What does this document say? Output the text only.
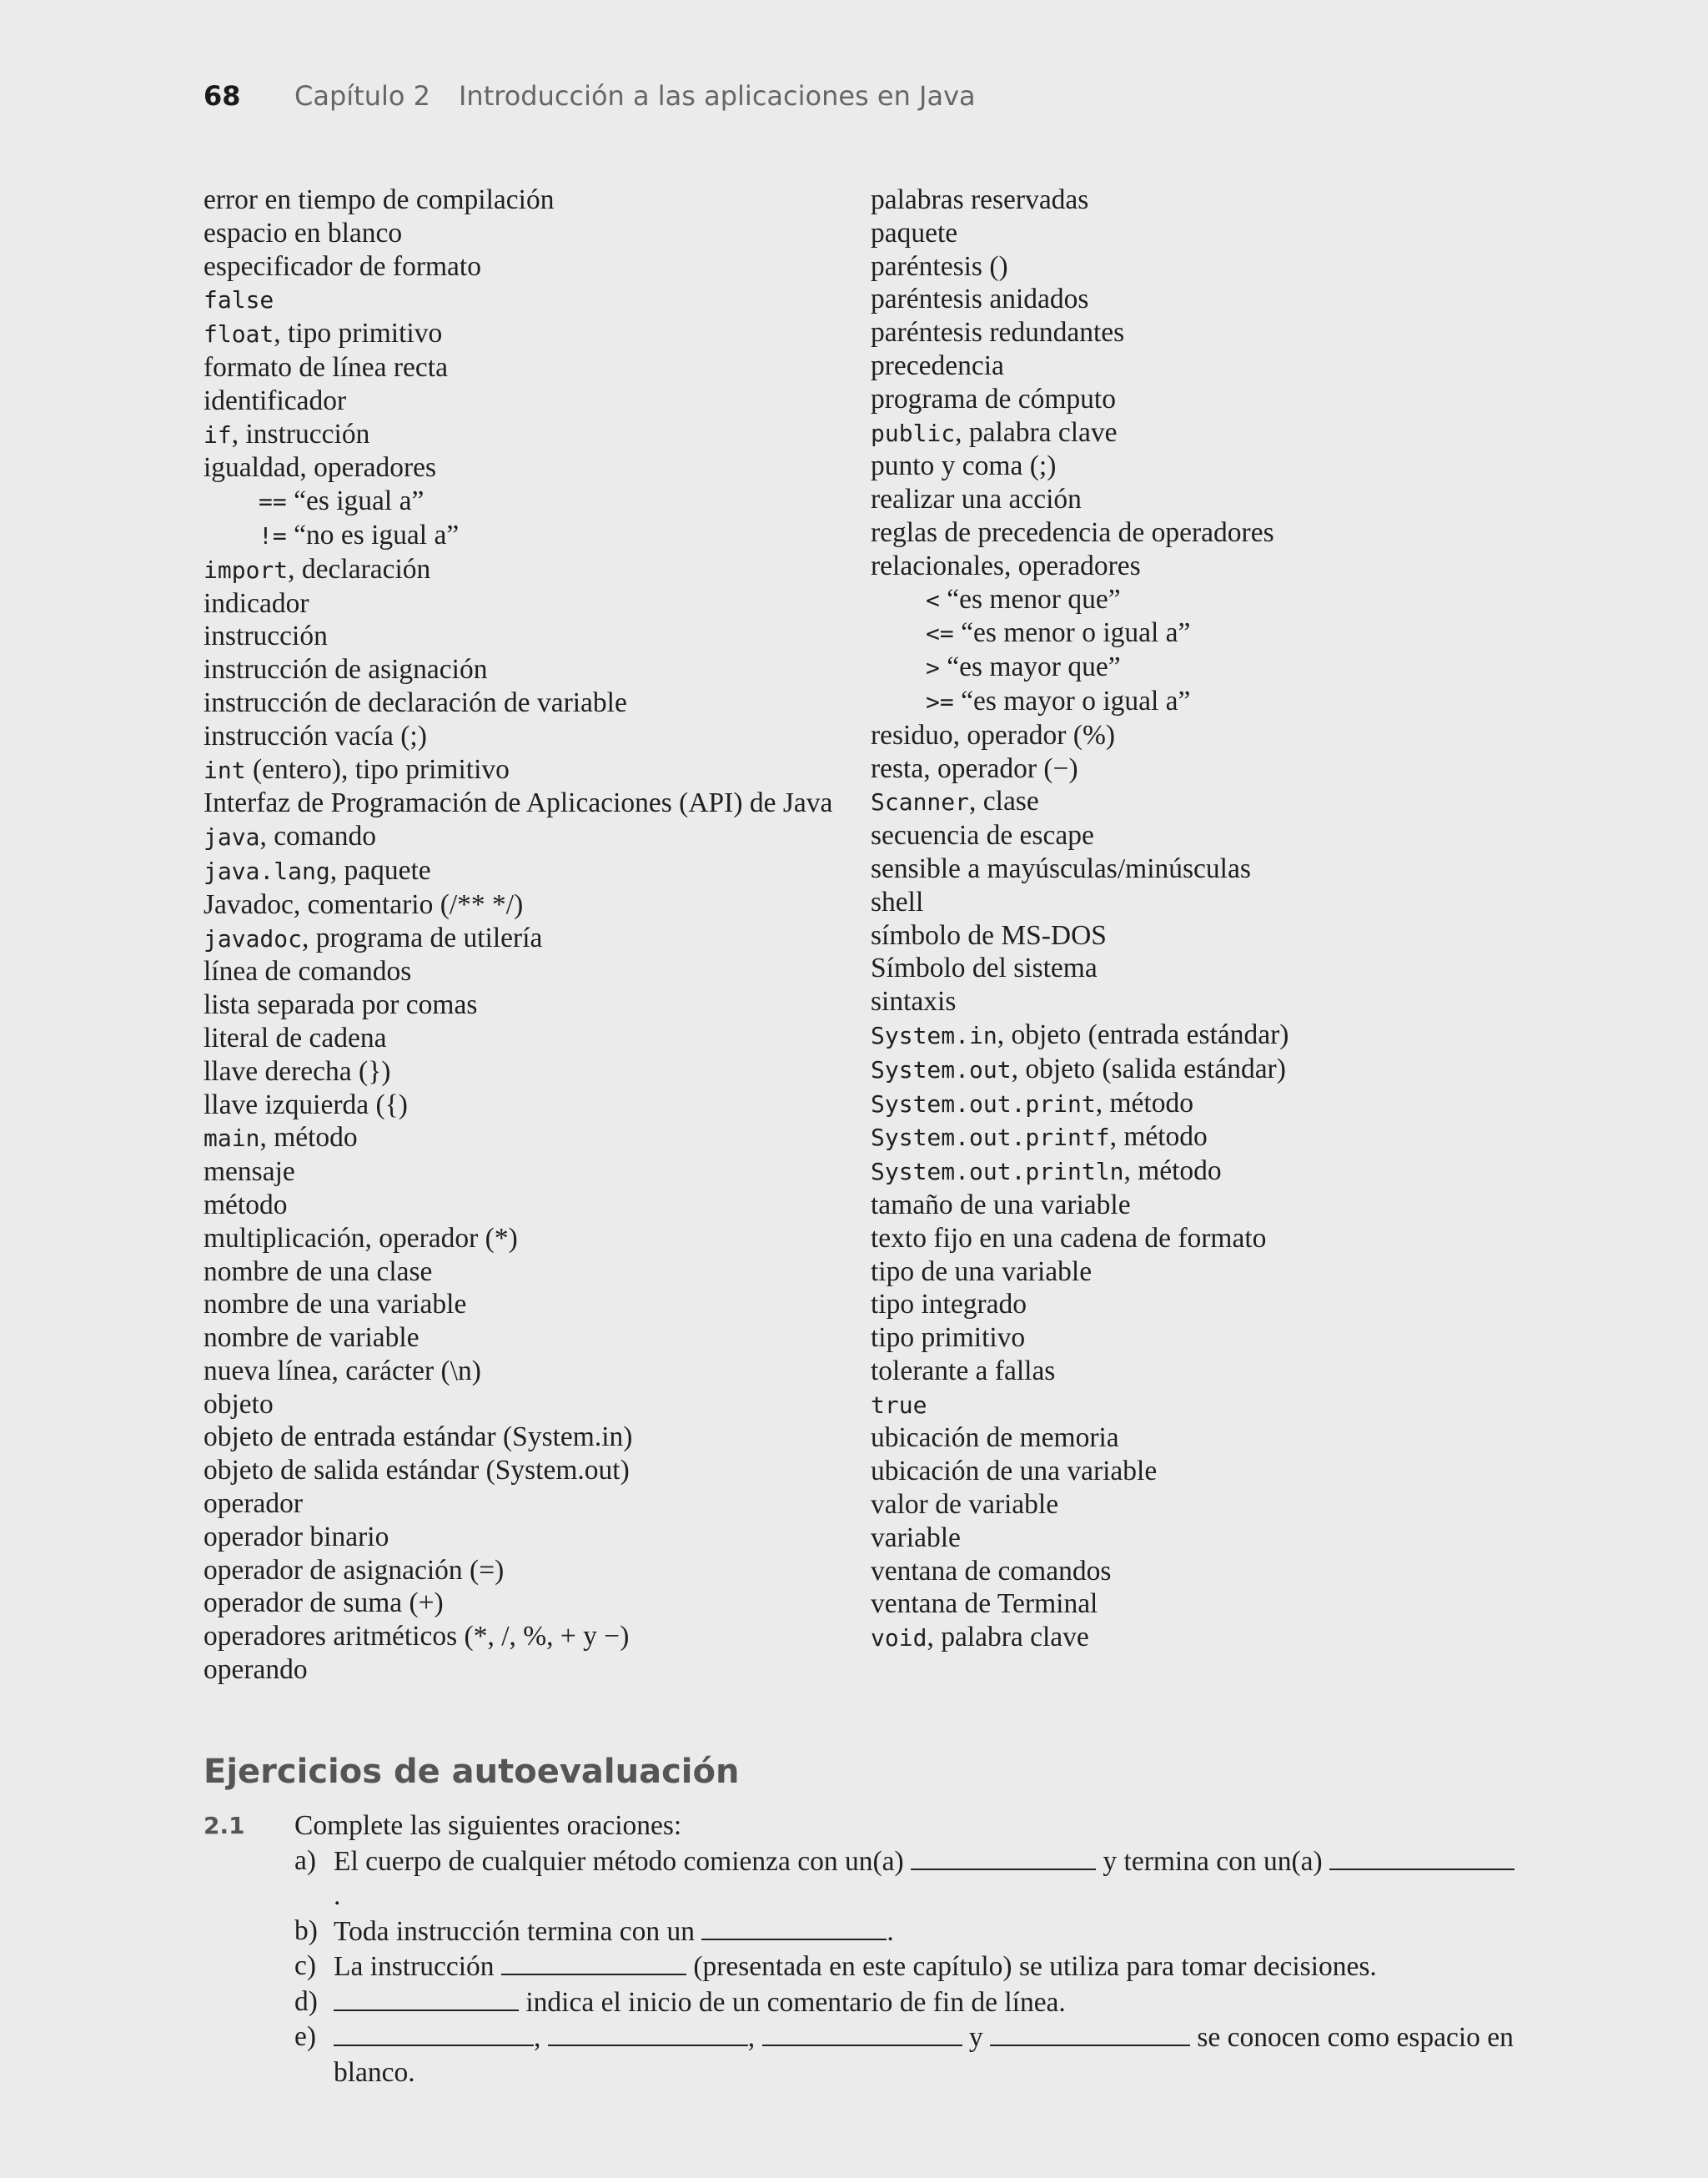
68 Capítulo 2 Introducción a las aplicaciones en Java
error en tiempo de compilación
espacio en blanco
especificador de formato
false
float, tipo primitivo
formato de línea recta
identificador
if, instrucción
igualdad, operadores
== “es igual a”
!= “no es igual a”
import, declaración
indicador
instrucción
instrucción de asignación
instrucción de declaración de variable
instrucción vacía (;)
int (entero), tipo primitivo
Interfaz de Programación de Aplicaciones (API) de Java
java, comando
java.lang, paquete
Javadoc, comentario (/** */)
javadoc, programa de utilería
línea de comandos
lista separada por comas
literal de cadena
llave derecha (})
llave izquierda ({)
main, método
mensaje
método
multiplicación, operador (*)
nombre de una clase
nombre de una variable
nombre de variable
nueva línea, carácter (\n)
objeto
objeto de entrada estándar (System.in)
objeto de salida estándar (System.out)
operador
operador binario
operador de asignación (=)
operador de suma (+)
operadores aritméticos (*, /, %, + y −)
operando
palabras reservadas
paquete
paréntesis ()
paréntesis anidados
paréntesis redundantes
precedencia
programa de cómputo
public, palabra clave
punto y coma (;)
realizar una acción
reglas de precedencia de operadores
relacionales, operadores
< “es menor que”
<= “es menor o igual a”
> “es mayor que”
>= “es mayor o igual a”
residuo, operador (%)
resta, operador (−)
Scanner, clase
secuencia de escape
sensible a mayúsculas/minúsculas
shell
símbolo de MS-DOS
Símbolo del sistema
sintaxis
System.in, objeto (entrada estándar)
System.out, objeto (salida estándar)
System.out.print, método
System.out.printf, método
System.out.println, método
tamaño de una variable
texto fijo en una cadena de formato
tipo de una variable
tipo integrado
tipo primitivo
tolerante a fallas
true
ubicación de memoria
ubicación de una variable
valor de variable
variable
ventana de comandos
ventana de Terminal
void, palabra clave
Ejercicios de autoevaluación
2.1 Complete las siguientes oraciones:
a) El cuerpo de cualquier método comienza con un(a)	y termina con un(a) .
b) Toda instrucción termina con un	.
c) La instrucción	(presentada en este capítulo) se utiliza para tomar decisiones.
d)	indica el inicio de un comentario de fin de línea.
e)	,	,	y	se conocen como espacio en blanco.
